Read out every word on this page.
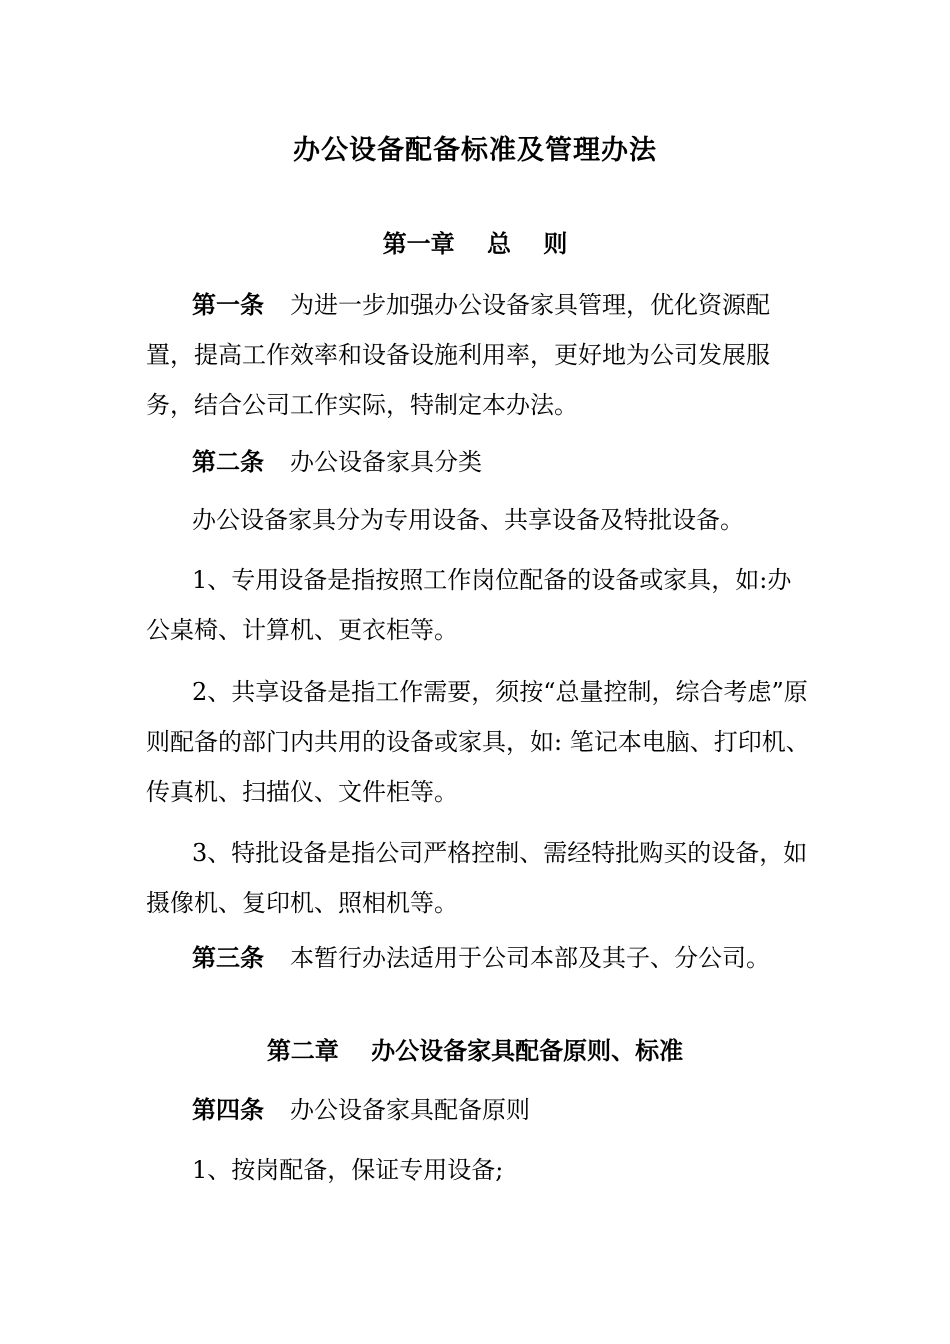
办公设备配备标准及管理办法
第一章　 总　 则
第一条 为进一步加强办公设备家具管理，优化资源配置，提高工作效率和设备设施利用率，更好地为公司发展服务，结合公司工作实际，特制定本办法。
第二条 办公设备家具分类
办公设备家具分为专用设备、共享设备及特批设备。
1、专用设备是指按照工作岗位配备的设备或家具，如:办公桌椅、计算机、更衣柜等。
2、共享设备是指工作需要，须按“总量控制，综合考虑”原则配备的部门内共用的设备或家具，如: 笔记本电脑、打印机、传真机、扫描仪、文件柜等。
3、特批设备是指公司严格控制、需经特批购买的设备，如摄像机、复印机、照相机等。
第三条 本暂行办法适用于公司本部及其子、分公司。
第二章　 办公设备家具配备原则、标准
第四条 办公设备家具配备原则
1、按岗配备，保证专用设备;
